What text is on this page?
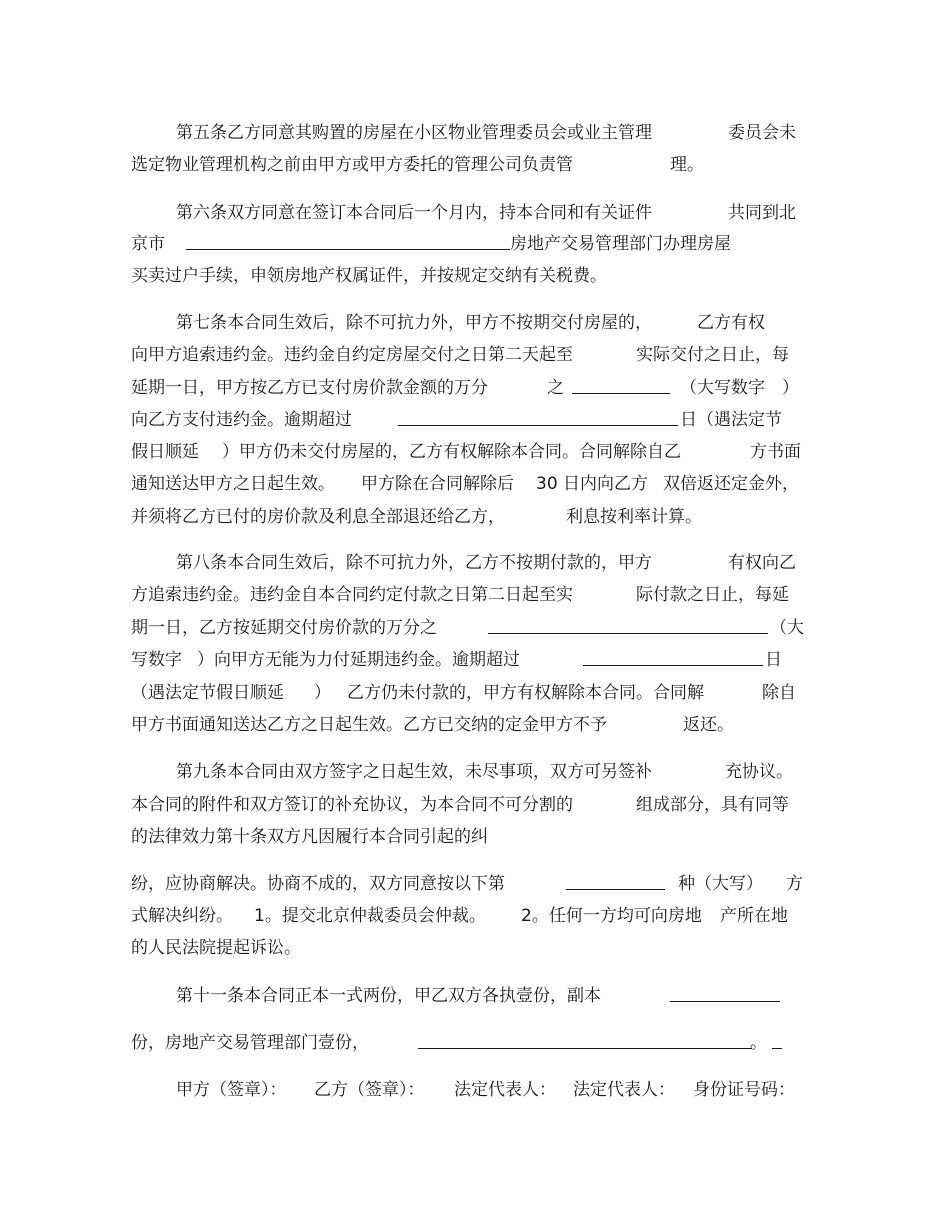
第五条乙方同意其购置的房屋在小区物业管理委员会或业主管理	委员会未
选定物业管理机构之前由甲方或甲方委托的管理公司负责管	理。
第六条双方同意在签订本合同后一个月内，持本合同和有关证件	共同到北
京市	房地产交易管理部门办理房屋
买卖过户手续，申领房地产权属证件，并按规定交纳有关税费。
第七条本合同生效后，除不可抗力外，甲方不按期交付房屋的，	乙方有权
向甲方追索违约金。违约金自约定房屋交付之日第二天起至	实际交付之日止，每
延期一日，甲方按乙方已支付房价款金额的万分	之	（大写数字 ）
向乙方支付违约金。逾期超过	日（遇法定节
假日顺延 ）甲方仍未交付房屋的，乙方有权解除本合同。合同解除自乙	方书面
通知送达甲方之日起生效。 甲方除在合同解除后 30 日内向乙方 双倍返还定金外，
并须将乙方已付的房价款及利息全部退还给乙方，	利息按利率计算。
第八条本合同生效后，除不可抗力外，乙方不按期付款的，甲方	有权向乙
方追索违约金。违约金自本合同约定付款之日第二日起至实	际付款之日止，每延
期一日，乙方按延期交付房价款的万分之	（大
写数字 ）向甲方无能为力付延期违约金。逾期超过	日
（遇法定节假日顺延 ） 乙方仍未付款的，甲方有权解除本合同。合同解	除自
甲方书面通知送达乙方之日起生效。乙方已交纳的定金甲方不予	返还。
第九条本合同由双方签字之日起生效，未尽事项，双方可另签补	充协议。
本合同的附件和双方签订的补充协议，为本合同不可分割的	组成部分，具有同等
的法律效力第十条双方凡因履行本合同引起的纠
纷，应协商解决。协商不成的，双方同意按以下第	种（大写） 方
式解决纠纷。 1。提交北京仲裁委员会仲裁。 2。任何一方均可向房地 产所在地
的人民法院提起诉讼。
第十一条本合同正本一式两份，甲乙双方各执壹份，副本
份，房地产交易管理部门壹份，	。
甲方（签章）： 乙方（签章）： 法定代表人： 法定代表人： 身份证号码：
